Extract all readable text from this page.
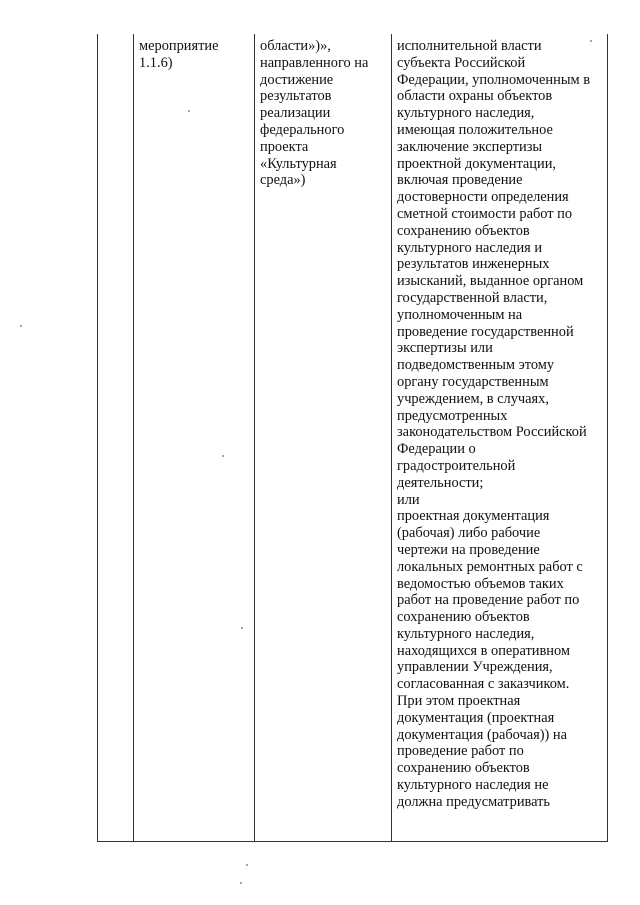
мероприятие
1.1.6)
области»)»,
направленного на
достижение
результатов
реализации
федерального
проекта
«Культурная
среда»)
исполнительной власти
субъекта Российской
Федерации, уполномоченным в
области охраны объектов
культурного наследия,
имеющая положительное
заключение экспертизы
проектной документации,
включая проведение
достоверности определения
сметной стоимости работ по
сохранению объектов
культурного наследия и
результатов инженерных
изысканий, выданное органом
государственной власти,
уполномоченным на
проведение государственной
экспертизы или
подведомственным этому
органу государственным
учреждением, в случаях,
предусмотренных
законодательством Российской
Федерации о
градостроительной
деятельности;
или
проектная документация
(рабочая) либо рабочие
чертежи на проведение
локальных ремонтных работ с
ведомостью объемов таких
работ на проведение работ по
сохранению объектов
культурного наследия,
находящихся в оперативном
управлении Учреждения,
согласованная с заказчиком.
При этом проектная
документация (проектная
документация (рабочая)) на
проведение работ по
сохранению объектов
культурного наследия не
должна предусматривать
